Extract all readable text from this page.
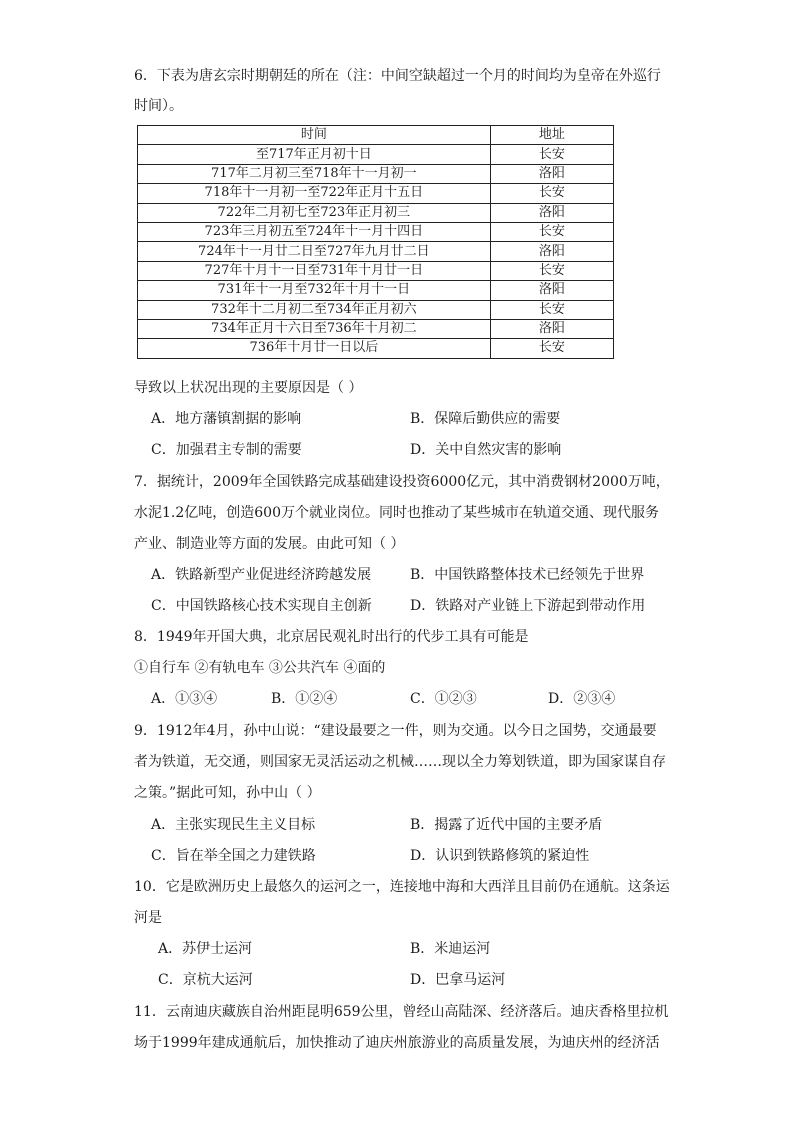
6．下表为唐玄宗时期朝廷的所在（注：中间空缺超过一个月的时间均为皇帝在外巡行
时间）。
时间	地址
至717年正月初十日	长安
717年二月初三至718年十一月初一	洛阳
718年十一月初一至722年正月十五日	长安
722年二月初七至723年正月初三	洛阳
723年三月初五至724年十一月十四日	长安
724年十一月廿二日至727年九月廿二日	洛阳
727年十月十一日至731年十月廿一日	长安
731年十一月至732年十月十一日	洛阳
732年十二月初二至734年正月初六	长安
734年正月十六日至736年十月初二	洛阳
736年十月廿一日以后	长安
导致以上状况出现的主要原因是（ ）
A．地方藩镇割据的影响	B．保障后勤供应的需要
C．加强君主专制的需要	D．关中自然灾害的影响
7．据统计，2009年全国铁路完成基础建设投资6000亿元，其中消费钢材2000万吨，
水泥1.2亿吨，创造600万个就业岗位。同时也推动了某些城市在轨道交通、现代服务
产业、制造业等方面的发展。由此可知（ ）
A．铁路新型产业促进经济跨越发展	B．中国铁路整体技术已经领先于世界
C．中国铁路核心技术实现自主创新	D．铁路对产业链上下游起到带动作用
8．1949年开国大典，北京居民观礼时出行的代步工具有可能是
①自行车 ②有轨电车 ③公共汽车 ④面的
A．①③④	B．①②④	C．①②③	D．②③④
9．1912年4月，孙中山说：“建设最要之一件，则为交通。以今日之国势，交通最要
者为铁道，无交通，则国家无灵活运动之机械……现以全力筹划铁道，即为国家谋自存
之策。”据此可知，孙中山（ ）
A．主张实现民生主义目标	B．揭露了近代中国的主要矛盾
C．旨在举全国之力建铁路	D．认识到铁路修筑的紧迫性
10．它是欧洲历史上最悠久的运河之一，连接地中海和大西洋且目前仍在通航。这条运
河是
A．苏伊士运河	B．米迪运河
C．京杭大运河	D．巴拿马运河
11．云南迪庆藏族自治州距昆明659公里，曾经山高陆深、经济落后。迪庆香格里拉机
场于1999年建成通航后，加快推动了迪庆州旅游业的高质量发展，为迪庆州的经济活
